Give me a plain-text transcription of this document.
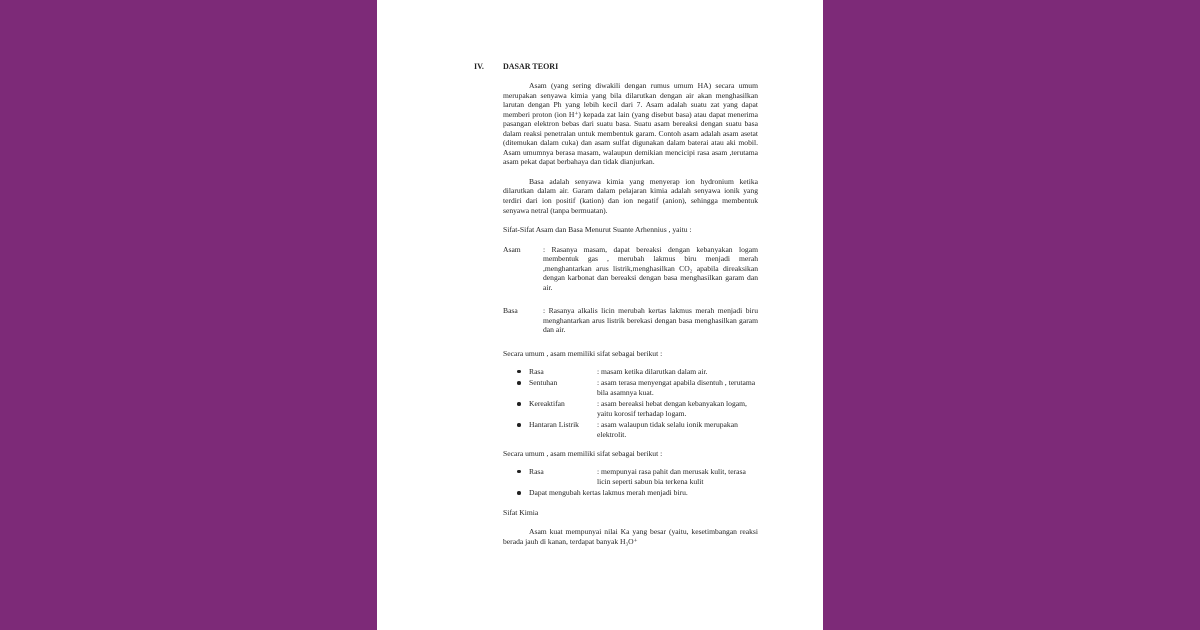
IV. DASAR TEORI

Asam (yang sering diwakili dengan rumus umum HA) secara umum merupakan senyawa kimia yang bila dilarutkan dengan air akan menghasilkan larutan dengan Ph yang lebih kecil dari 7. Asam adalah suatu zat yang dapat memberi proton (ion H⁺) kepada zat lain (yang disebut basa) atau dapat menerima pasangan elektron bebas dari suatu basa. Suatu asam bereaksi dengan suatu basa dalam reaksi penetralan untuk membentuk garam. Contoh asam adalah asam asetat (ditemukan dalam cuka) dan asam sulfat digunakan dalam baterai atau aki mobil. Asam umumnya berasa masam, walaupun demikian mencicipi rasa asam ,terutama asam pekat dapat berbahaya dan tidak dianjurkan.

Basa adalah senyawa kimia yang menyerap ion hydronium ketika dilarutkan dalam air. Garam dalam pelajaran kimia adalah senyawa ionik yang terdiri dari ion positif (kation) dan ion negatif (anion), sehingga membentuk senyawa netral (tanpa bermuatan).

Sifat-Sifat Asam dan Basa Menurut Suante Arhennius , yaitu :

Asam	: Rasanya masam, dapat bereaksi dengan kebanyakan logam membentuk gas , merubah lakmus biru menjadi merah ,menghantarkan arus listrik,menghasilkan CO₂ apabila direaksikan dengan karbonat dan bereaksi dengan basa menghasilkan garam dan air.
Basa	: Rasanya alkalis licin merubah kertas lakmus merah menjadi biru menghantarkan arus listrik berekasi dengan basa menghasilkan garam dan air.

Secara umum , asam memiliki sifat sebagai berikut :

Rasa	: masam ketika dilarutkan dalam air.
Sentuhan	: asam terasa menyengat apabila disentuh , terutama bila asamnya kuat.
Kereaktifan	: asam bereaksi hebat dengan kebanyakan logam, yaitu korosif terhadap logam.
Hantaran Listrik	: asam walaupun tidak selalu ionik merupakan elektrolit.

Secara umum , asam memiliki sifat sebagai berikut :

Rasa	: mempunyai rasa pahit dan merusak kulit, terasa licin seperti sabun bia terkena kulit
Dapat mengubah kertas lakmus merah menjadi biru.

Sifat Kimia

Asam kuat mempunyai nilai Ka yang besar (yaitu, kesetimbangan reaksi berada jauh di kanan, terdapat banyak H₃O⁺
